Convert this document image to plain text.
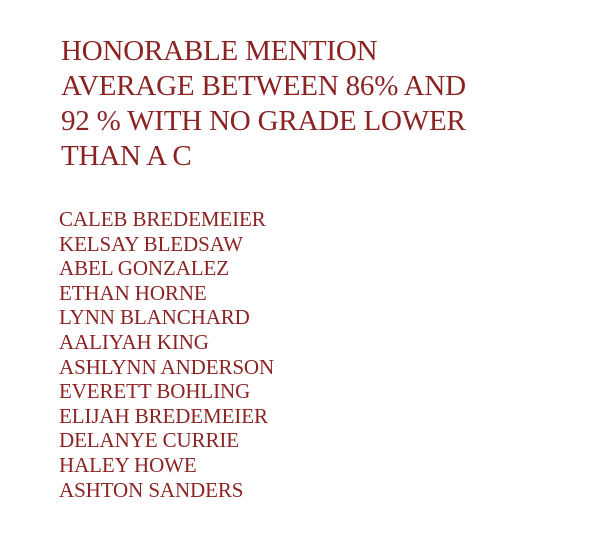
HONORABLE MENTION
AVERAGE BETWEEN 86% AND
92 % WITH NO GRADE LOWER
THAN A C
CALEB BREDEMEIER
KELSAY BLEDSAW
ABEL GONZALEZ
ETHAN HORNE
LYNN BLANCHARD
AALIYAH KING
ASHLYNN ANDERSON
EVERETT BOHLING
ELIJAH BREDEMEIER
DELANYE CURRIE
HALEY HOWE
ASHTON SANDERS
